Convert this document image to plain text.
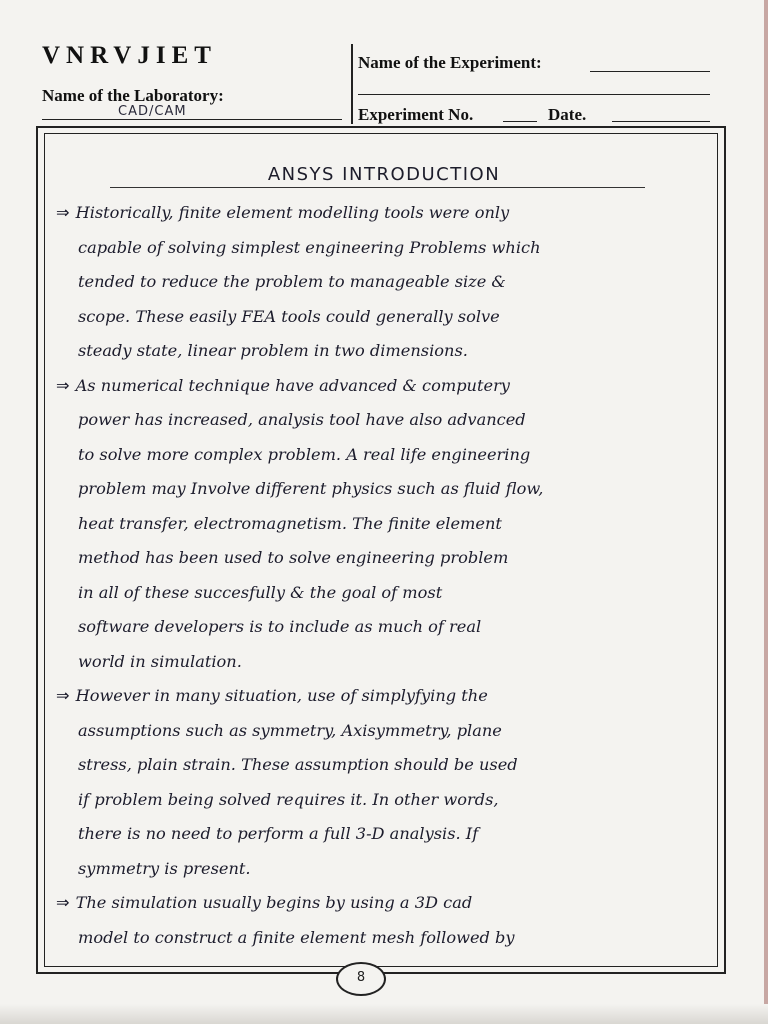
VNRVJIET
Name of the Laboratory:
CAD/CAM
Name of the Experiment:
Experiment No.	Date.
ANSYS INTRODUCTION
⇒ Historically, finite element modelling tools were only
capable of solving simplest engineering Problems which
tended to reduce the problem to manageable size &
scope. These easily FEA tools could generally solve
steady state, linear problem in two dimensions.
⇒ As numerical technique have advanced & computery
power has increased, analysis tool have also advanced
to solve more complex problem. A real life engineering
problem may Involve different physics such as fluid flow,
heat transfer, electromagnetism. The finite element
method has been used to solve engineering problem
in all of these succesfully & the goal of most
software developers is to include as much of real
world in simulation.
⇒ However in many situation, use of simplyfying the
assumptions such as symmetry, Axisymmetry, plane
stress, plain strain. These assumption should be used
if problem being solved requires it. In other words,
there is no need to perform a full 3-D analysis. If
symmetry is present.
⇒ The simulation usually begins by using a 3D cad
model to construct a finite element mesh followed by
8
